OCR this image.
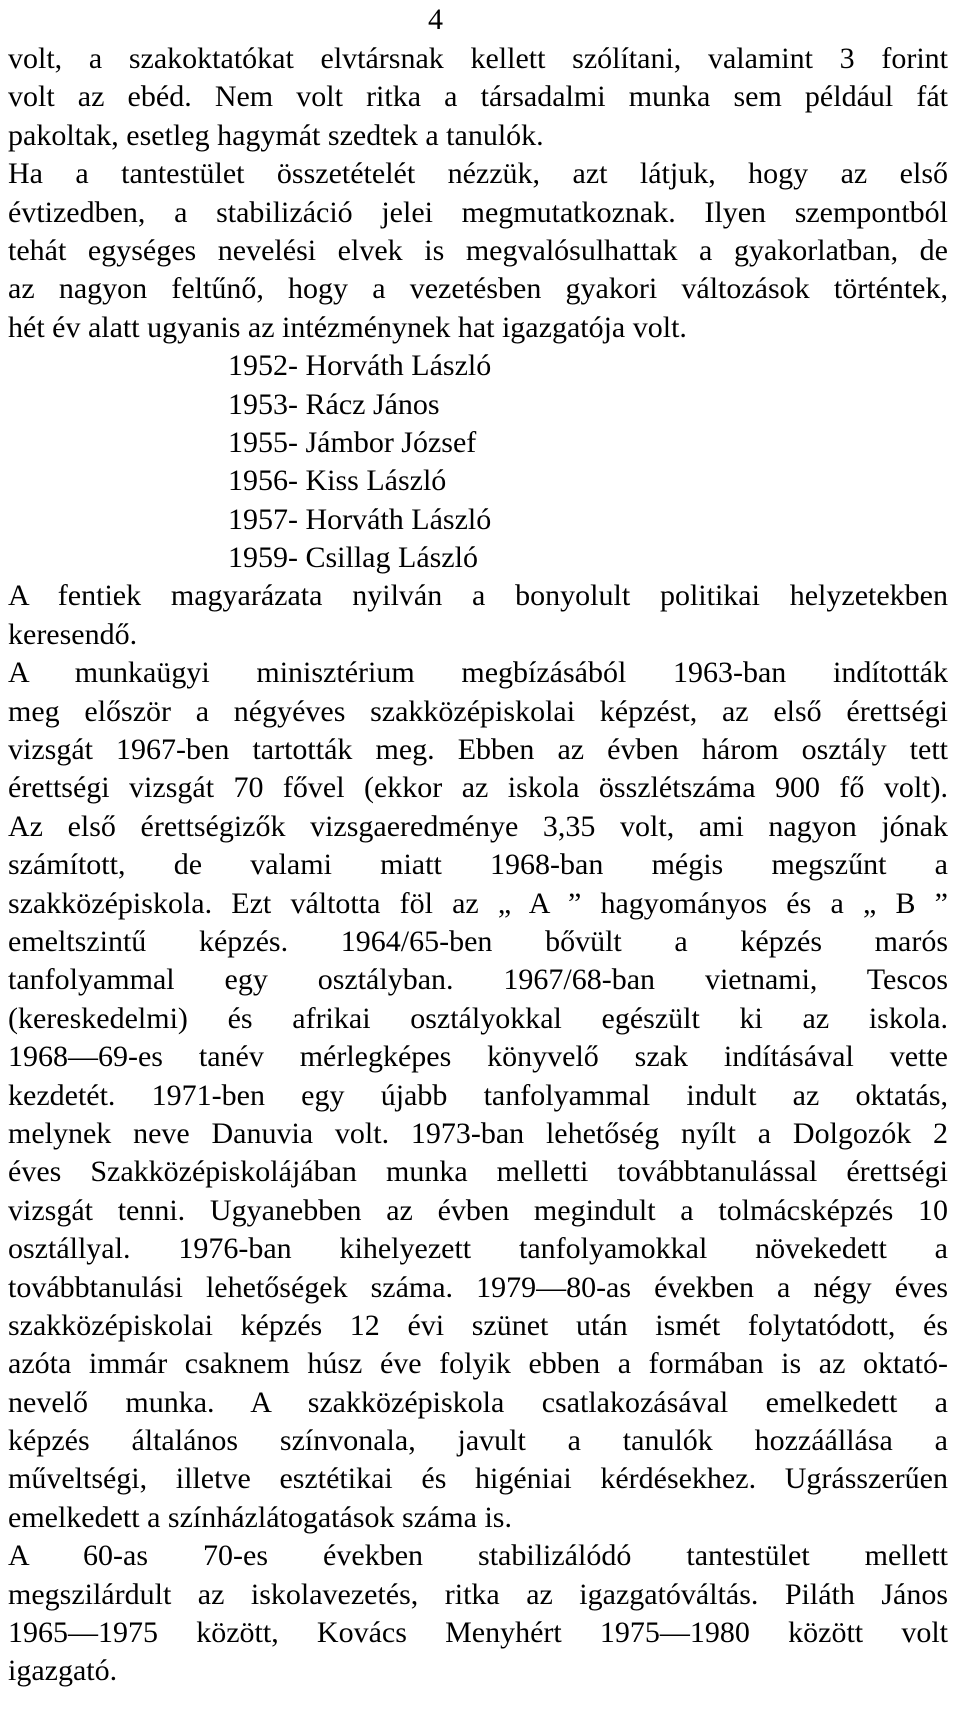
4
volt, a szakoktatókat elvtársnak kellett szólítani, valamint 3 forint
volt az ebéd. Nem volt ritka a társadalmi munka sem például fát
pakoltak, esetleg hagymát szedtek a tanulók.
Ha a tantestület összetételét nézzük, azt látjuk, hogy az első
évtizedben, a stabilizáció jelei megmutatkoznak. Ilyen szempontból
tehát egységes nevelési elvek is megvalósulhattak a gyakorlatban, de
az nagyon feltűnő, hogy a vezetésben gyakori változások történtek,
hét év alatt ugyanis az intézménynek hat igazgatója volt.
1952- Horváth László
1953- Rácz János
1955- Jámbor József
1956- Kiss László
1957- Horváth László
1959- Csillag László
A fentiek magyarázata nyilván a bonyolult politikai helyzetekben
keresendő.
A munkaügyi minisztérium megbízásából 1963-ban indították
meg először a négyéves szakközépiskolai képzést, az első érettségi
vizsgát 1967-ben tartották meg. Ebben az évben három osztály tett
érettségi vizsgát 70 fővel (ekkor az iskola összlétszáma 900 fő volt).
Az első érettségizők vizsgaeredménye 3,35 volt, ami nagyon jónak
számított, de valami miatt 1968-ban mégis megszűnt a
szakközépiskola. Ezt váltotta föl az „ A ” hagyományos és a „ B ”
emeltszintű képzés. 1964/65-ben bővült a képzés marós
tanfolyammal egy osztályban. 1967/68-ban vietnami, Tescos
(kereskedelmi) és afrikai osztályokkal egészült ki az iskola.
1968—69-es tanév mérlegképes könyvelő szak indításával vette
kezdetét. 1971-ben egy újabb tanfolyammal indult az oktatás,
melynek neve Danuvia volt. 1973-ban lehetőség nyílt a Dolgozók 2
éves Szakközépiskolájában munka melletti továbbtanulással érettségi
vizsgát tenni. Ugyanebben az évben megindult a tolmácsképzés 10
osztállyal. 1976-ban kihelyezett tanfolyamokkal növekedett a
továbbtanulási lehetőségek száma. 1979—80-as években a négy éves
szakközépiskolai képzés 12 évi szünet után ismét folytatódott, és
azóta immár csaknem húsz éve folyik ebben a formában is az oktató-
nevelő munka. A szakközépiskola csatlakozásával emelkedett a
képzés általános színvonala, javult a tanulók hozzáállása a
műveltségi, illetve esztétikai és higéniai kérdésekhez. Ugrásszerűen
emelkedett a színházlátogatások száma is.
A 60-as 70-es években stabilizálódó tantestület mellett
megszilárdult az iskolavezetés, ritka az igazgatóváltás. Piláth János
1965—1975 között, Kovács Menyhért 1975—1980 között volt
igazgató.
